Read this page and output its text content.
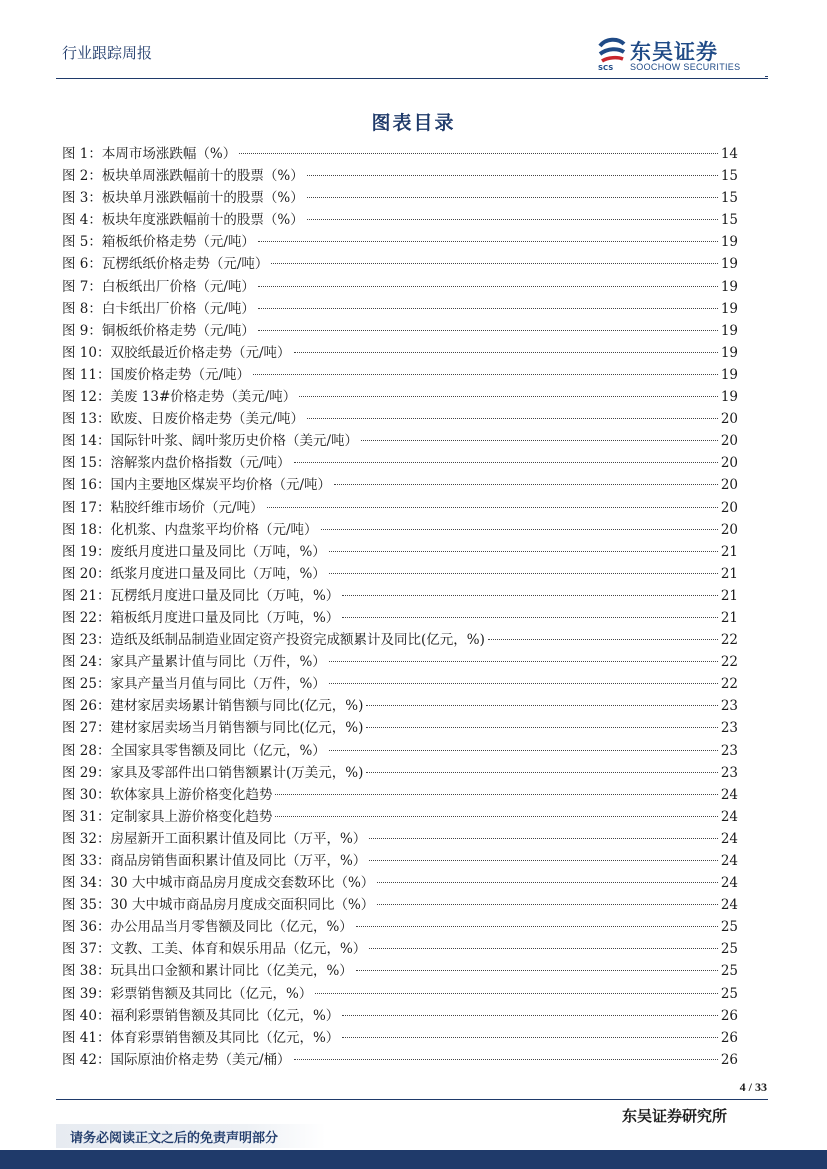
行业跟踪周报
SCS
东吴证券
SOOCHOW SECURITIES
图表目录
图 1：本周市场涨跌幅（%）	14
图 2：板块单周涨跌幅前十的股票（%）	15
图 3：板块单月涨跌幅前十的股票（%）	15
图 4：板块年度涨跌幅前十的股票（%）	15
图 5：箱板纸价格走势（元/吨）	19
图 6：瓦楞纸纸价格走势（元/吨）	19
图 7：白板纸出厂价格（元/吨）	19
图 8：白卡纸出厂价格（元/吨）	19
图 9：铜板纸价格走势（元/吨）	19
图 10：双胶纸最近价格走势（元/吨）	19
图 11：国废价格走势（元/吨）	19
图 12：美废 13#价格走势（美元/吨）	19
图 13：欧废、日废价格走势（美元/吨）	20
图 14：国际针叶浆、阔叶浆历史价格（美元/吨）	20
图 15：溶解浆内盘价格指数（元/吨）	20
图 16：国内主要地区煤炭平均价格（元/吨）	20
图 17：粘胶纤维市场价（元/吨）	20
图 18：化机浆、内盘浆平均价格（元/吨）	20
图 19：废纸月度进口量及同比（万吨，%）	21
图 20：纸浆月度进口量及同比（万吨，%）	21
图 21：瓦楞纸月度进口量及同比（万吨，%）	21
图 22：箱板纸月度进口量及同比（万吨，%）	21
图 23：造纸及纸制品制造业固定资产投资完成额累计及同比(亿元，%)	22
图 24：家具产量累计值与同比（万件，%）	22
图 25：家具产量当月值与同比（万件，%）	22
图 26：建材家居卖场累计销售额与同比(亿元，%)	23
图 27：建材家居卖场当月销售额与同比(亿元，%)	23
图 28：全国家具零售额及同比（亿元，%）	23
图 29：家具及零部件出口销售额累计(万美元，%)	23
图 30：软体家具上游价格变化趋势	24
图 31：定制家具上游价格变化趋势	24
图 32：房屋新开工面积累计值及同比（万平，%）	24
图 33：商品房销售面积累计值及同比（万平，%）	24
图 34：30 大中城市商品房月度成交套数环比（%）	24
图 35：30 大中城市商品房月度成交面积同比（%）	24
图 36：办公用品当月零售额及同比（亿元，%）	25
图 37：文教、工美、体育和娱乐用品（亿元，%）	25
图 38：玩具出口金额和累计同比（亿美元，%）	25
图 39：彩票销售额及其同比（亿元，%）	25
图 40：福利彩票销售额及其同比（亿元，%）	26
图 41：体育彩票销售额及其同比（亿元，%）	26
图 42：国际原油价格走势（美元/桶）	26
4 / 33
东吴证券研究所
请务必阅读正文之后的免责声明部分
